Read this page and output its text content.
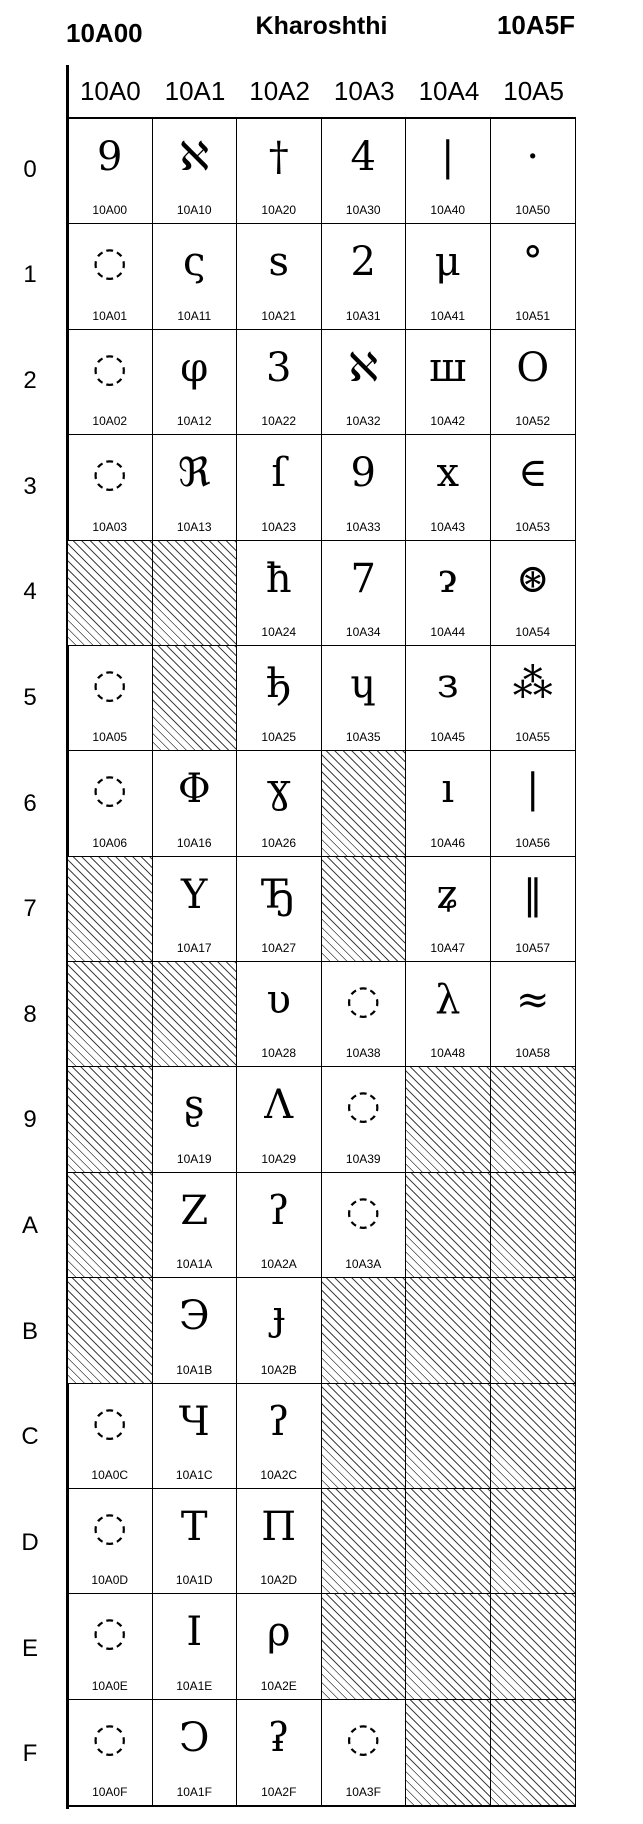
10A00	Kharoshthi	10A5F
0
1
2
3
4
5
6
7
8
9
A
B
C
D
E
F
10A0 10A1 10A2 10A3 10A4 10A5
9
10A00
ℵ
10A10
†
10A20
4
10A30
|
10A40
·
10A50
◌
10A01
ς
10A11
s
10A21
2
10A31
μ
10A41
°
10A51
◌
10A02
φ
10A12
3
10A22
ℵ
10A32
ш
10A42
O
10A52
◌
10A03
ℜ
10A13
ſ
10A23
9
10A33
x
10A43
∈
10A53
ħ
10A24
7
10A34
ɂ
10A44
⊛
10A54
◌
10A05
ђ
10A25
ɥ
10A35
з
10A45
⁂
10A55
◌
10A06
Φ
10A16
ɣ
10A26
ı
10A46
|
10A56
Y
10A17
Ђ
10A27
ʑ
10A47
‖
10A57
υ
10A28
◌
10A38
λ
10A48
≈
10A58
ʂ
10A19
Λ
10A29
◌
10A39
Z
10A1A
ʔ
10A2A
◌
10A3A
Э
10A1B
ɟ
10A2B
◌
10A0C
Ч
10A1C
ʔ
10A2C
◌
10A0D
T
10A1D
Π
10A2D
◌
10A0E
I
10A1E
ρ
10A2E
◌
10A0F
Ͻ
10A1F
ʡ
10A2F
◌
10A3F
